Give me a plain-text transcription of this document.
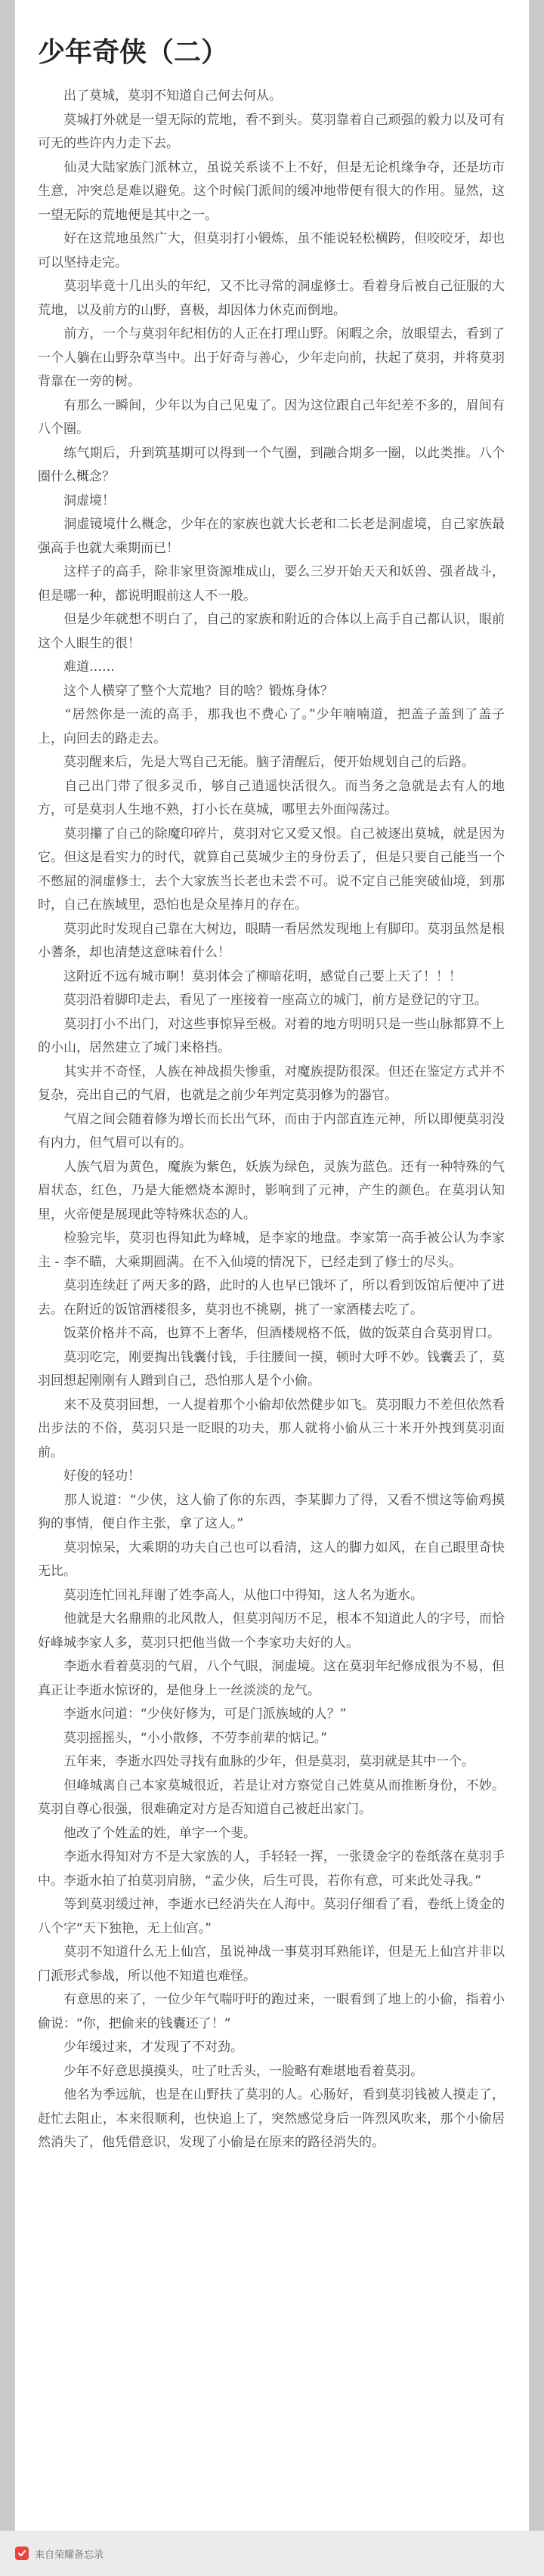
少年奇侠（二）

　　出了莫城，莫羽不知道自己何去何从。

　　莫城打外就是一望无际的荒地，看不到头。莫羽靠着自己顽强的毅力以及可有可无的些许内力走下去。

　　仙灵大陆家族门派林立，虽说关系谈不上不好，但是无论机缘争夺，还是坊市生意，冲突总是难以避免。这个时候门派间的缓冲地带便有很大的作用。显然，这一望无际的荒地便是其中之一。

　　好在这荒地虽然广大，但莫羽打小锻炼，虽不能说轻松横跨，但咬咬牙，却也可以坚持走完。

　　莫羽毕竟十几出头的年纪，又不比寻常的洞虚修士。看着身后被自己征服的大荒地，以及前方的山野，喜极，却因体力休克而倒地。

　　前方，一个与莫羽年纪相仿的人正在打理山野。闲暇之余，放眼望去，看到了一个人躺在山野杂草当中。出于好奇与善心，少年走向前，扶起了莫羽，并将莫羽背靠在一旁的树。

　　有那么一瞬间，少年以为自己见鬼了。因为这位跟自己年纪差不多的，眉间有八个圈。

　　练气期后，升到筑基期可以得到一个气圈，到融合期多一圈，以此类推。八个圈什么概念？

　　洞虚境！

　　洞虚镜境什么概念，少年在的家族也就大长老和二长老是洞虚境，自己家族最强高手也就大乘期而已！

　　这样子的高手，除非家里资源堆成山，要么三岁开始天天和妖兽、强者战斗，但是哪一种，都说明眼前这人不一般。

　　但是少年就想不明白了，自己的家族和附近的合体以上高手自己都认识，眼前这个人眼生的很！

　　难道……

　　这个人横穿了整个大荒地？目的啥？锻炼身体？

　　“居然你是一流的高手，那我也不费心了。”少年喃喃道，把盖子盖到了盖子上，向回去的路走去。

　　莫羽醒来后，先是大骂自己无能。脑子清醒后，便开始规划自己的后路。

　　自己出门带了很多灵币，够自己逍遥快活很久。而当务之急就是去有人的地方，可是莫羽人生地不熟，打小长在莫城，哪里去外面闯荡过。

　　莫羽攥了自己的除魔印碎片，莫羽对它又爱又恨。自己被逐出莫城，就是因为它。但这是看实力的时代，就算自己莫城少主的身份丢了，但是只要自己能当一个不憋屈的洞虚修士，去个大家族当长老也未尝不可。说不定自己能突破仙境，到那时，自己在族域里，恐怕也是众星捧月的存在。

　　莫羽此时发现自己靠在大树边，眼睛一看居然发现地上有脚印。莫羽虽然是根小蓍条，却也清楚这意味着什么！

　　这附近不远有城市啊！莫羽体会了柳暗花明，感觉自己要上天了！！！

　　莫羽沿着脚印走去，看见了一座接着一座高立的城门，前方是登记的守卫。

　　莫羽打小不出门，对这些事惊异至极。对着的地方明明只是一些山脉都算不上的小山，居然建立了城门来格挡。

　　其实并不奇怪，人族在神战损失惨重，对魔族提防很深。但还在鉴定方式并不复杂，亮出自己的气眉，也就是之前少年判定莫羽修为的器官。

　　气眉之间会随着修为增长而长出气环，而由于内部直连元神，所以即便莫羽没有内力，但气眉可以有的。

　　人族气眉为黄色，魔族为紫色，妖族为绿色，灵族为蓝色。还有一种特殊的气眉状态，红色，乃是大能燃烧本源时，影响到了元神，产生的颜色。在莫羽认知里，火帝便是展现此等特殊状态的人。

　　检验完毕，莫羽也得知此为峰城，是李家的地盘。李家第一高手被公认为李家主 - 李不瞄，大乘期圆满。在不入仙境的情况下，已经走到了修士的尽头。

　　莫羽连续赶了两天多的路，此时的人也早已饿坏了，所以看到饭馆后便冲了进去。在附近的饭馆酒楼很多，莫羽也不挑剔，挑了一家酒楼去吃了。

　　饭菜价格并不高，也算不上奢华，但酒楼规格不低，做的饭菜自合莫羽胃口。

　　莫羽吃完，刚要掏出钱囊付钱，手往腰间一摸，顿时大呼不妙。钱囊丢了，莫羽回想起刚刚有人蹭到自己，恐怕那人是个小偷。

　　来不及莫羽回想，一人提着那个小偷却依然健步如飞。莫羽眼力不差但依然看出步法的不俗，莫羽只是一眨眼的功夫，那人就将小偷从三十米开外拽到莫羽面前。

　　好俊的轻功！

　　那人说道：“少侠，这人偷了你的东西，李某脚力了得，又看不惯这等偷鸡摸狗的事情，便自作主张，拿了这人。”

　　莫羽惊呆，大乘期的功夫自己也可以看清，这人的脚力如风，在自己眼里奇快无比。

　　莫羽连忙回礼拜谢了姓李高人，从他口中得知，这人名为逝水。

　　他就是大名鼎鼎的北风散人，但莫羽闯历不足，根本不知道此人的字号，而恰好峰城李家人多，莫羽只把他当做一个李家功夫好的人。

　　李逝水看着莫羽的气眉，八个气眼，洞虚境。这在莫羽年纪修成很为不易，但真正让李逝水惊讶的，是他身上一丝淡淡的龙气。

　　李逝水问道：“少侠好修为，可是门派族域的人？”

　　莫羽摇摇头，“小小散修，不劳李前辈的惦记。”

　　五年来，李逝水四处寻找有血脉的少年，但是莫羽，莫羽就是其中一个。

　　但峰城离自己本家莫城很近，若是让对方察觉自己姓莫从而推断身份，不妙。莫羽自尊心很强，很难确定对方是否知道自己被赶出家门。

　　他改了个姓孟的姓，单字一个斐。

　　李逝水得知对方不是大家族的人，手轻轻一挥，一张烫金字的卷纸落在莫羽手中。李逝水拍了拍莫羽肩膀，“孟少侠，后生可畏，若你有意，可来此处寻我。”

　　等到莫羽缓过神，李逝水已经消失在人海中。莫羽仔细看了看，卷纸上烫金的八个字“天下独艳，无上仙宫。”

　　莫羽不知道什么无上仙宫，虽说神战一事莫羽耳熟能详，但是无上仙宫并非以门派形式参战，所以他不知道也难怪。

　　有意思的来了，一位少年气喘吁吁的跑过来，一眼看到了地上的小偷，指着小偷说：“你，把偷来的钱囊还了！”

　　少年缓过来，才发现了不对劲。

　　少年不好意思摸摸头，吐了吐舌头，一脸略有难堪地看着莫羽。

　　他名为季远航，也是在山野扶了莫羽的人。心肠好，看到莫羽钱被人摸走了，赶忙去阻止，本来很顺利，也快追上了，突然感觉身后一阵烈风吹来，那个小偷居然消失了，他凭借意识，发现了小偷是在原来的路径消失的。

来自荣耀备忘录
